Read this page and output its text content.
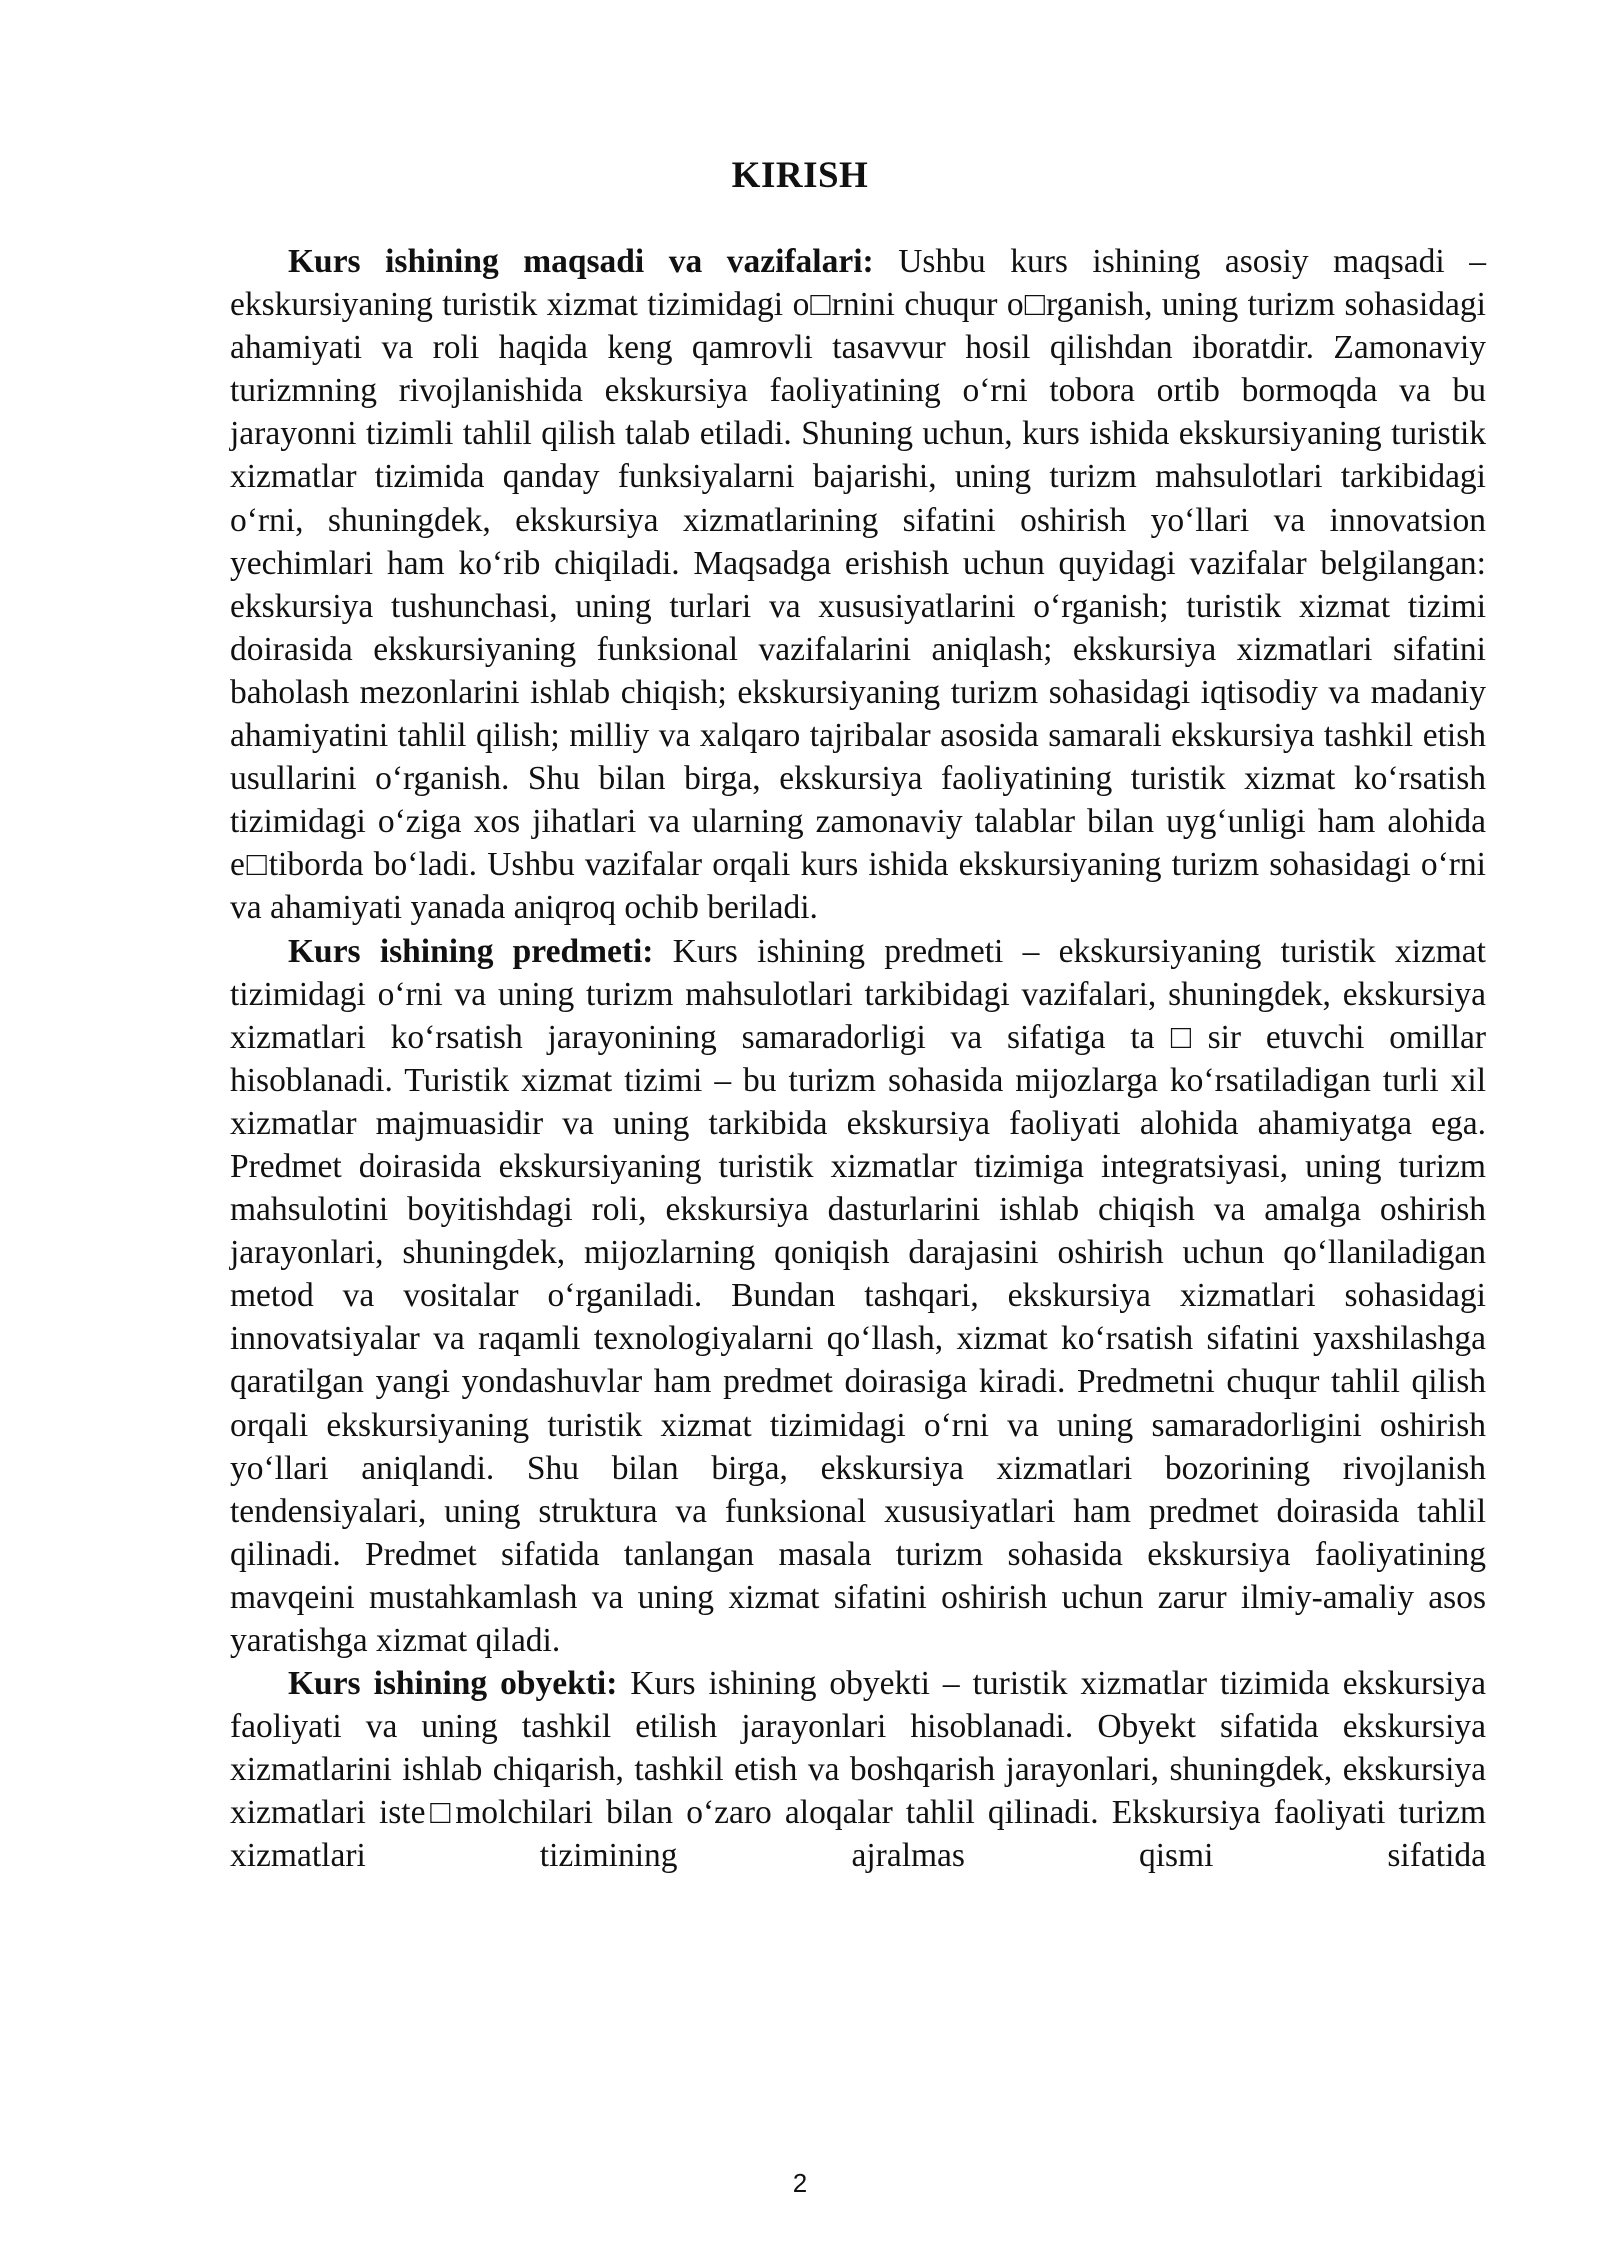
KIRISH

Kurs ishining maqsadi va vazifalari: Ushbu kurs ishining asosiy maqsadi – ekskursiyaning turistik xizmat tizimidagi o□rnini chuqur o□rganish, uning turizm sohasidagi ahamiyati va roli haqida keng qamrovli tasavvur hosil qilishdan iboratdir. Zamonaviy turizmning rivojlanishida ekskursiya faoliyatining o‘rni tobora ortib bormoqda va bu jarayonni tizimli tahlil qilish talab etiladi. Shuning uchun, kurs ishida ekskursiyaning turistik xizmatlar tizimida qanday funksiyalarni bajarishi, uning turizm mahsulotlari tarkibidagi o‘rni, shuningdek, ekskursiya xizmatlarining sifatini oshirish yo‘llari va innovatsion yechimlari ham ko‘rib chiqiladi. Maqsadga erishish uchun quyidagi vazifalar belgilangan: ekskursiya tushunchasi, uning turlari va xususiyatlarini o‘rganish; turistik xizmat tizimi doirasida ekskursiyaning funksional vazifalarini aniqlash; ekskursiya xizmatlari sifatini baholash mezonlarini ishlab chiqish; ekskursiyaning turizm sohasidagi iqtisodiy va madaniy ahamiyatini tahlil qilish; milliy va xalqaro tajribalar asosida samarali ekskursiya tashkil etish usullarini o‘rganish. Shu bilan birga, ekskursiya faoliyatining turistik xizmat ko‘rsatish tizimidagi o‘ziga xos jihatlari va ularning zamonaviy talablar bilan uyg‘unligi ham alohida e□tiborda bo‘ladi. Ushbu vazifalar orqali kurs ishida ekskursiyaning turizm sohasidagi o‘rni va ahamiyati yanada aniqroq ochib beriladi.

Kurs ishining predmeti: Kurs ishining predmeti – ekskursiyaning turistik xizmat tizimidagi o‘rni va uning turizm mahsulotlari tarkibidagi vazifalari, shuningdek, ekskursiya xizmatlari ko‘rsatish jarayonining samaradorligi va sifatiga ta□sir etuvchi omillar hisoblanadi. Turistik xizmat tizimi – bu turizm sohasida mijozlarga ko‘rsatiladigan turli xil xizmatlar majmuasidir va uning tarkibida ekskursiya faoliyati alohida ahamiyatga ega. Predmet doirasida ekskursiyaning turistik xizmatlar tizimiga integratsiyasi, uning turizm mahsulotini boyitishdagi roli, ekskursiya dasturlarini ishlab chiqish va amalga oshirish jarayonlari, shuningdek, mijozlarning qoniqish darajasini oshirish uchun qo‘llaniladigan metod va vositalar o‘rganiladi. Bundan tashqari, ekskursiya xizmatlari sohasidagi innovatsiyalar va raqamli texnologiyalarni qo‘llash, xizmat ko‘rsatish sifatini yaxshilashga qaratilgan yangi yondashuvlar ham predmet doirasiga kiradi. Predmetni chuqur tahlil qilish orqali ekskursiyaning turistik xizmat tizimidagi o‘rni va uning samaradorligini oshirish yo‘llari aniqlandi. Shu bilan birga, ekskursiya xizmatlari bozorining rivojlanish tendensiyalari, uning struktura va funksional xususiyatlari ham predmet doirasida tahlil qilinadi. Predmet sifatida tanlangan masala turizm sohasida ekskursiya faoliyatining mavqeini mustahkamlash va uning xizmat sifatini oshirish uchun zarur ilmiy-amaliy asos yaratishga xizmat qiladi.

Kurs ishining obyekti: Kurs ishining obyekti – turistik xizmatlar tizimida ekskursiya faoliyati va uning tashkil etilish jarayonlari hisoblanadi. Obyekt sifatida ekskursiya xizmatlarini ishlab chiqarish, tashkil etish va boshqarish jarayonlari, shuningdek, ekskursiya xizmatlari iste□molchilari bilan o‘zaro aloqalar tahlil qilinadi. Ekskursiya faoliyati turizm xizmatlari tizimining ajralmas qismi sifatida

2
